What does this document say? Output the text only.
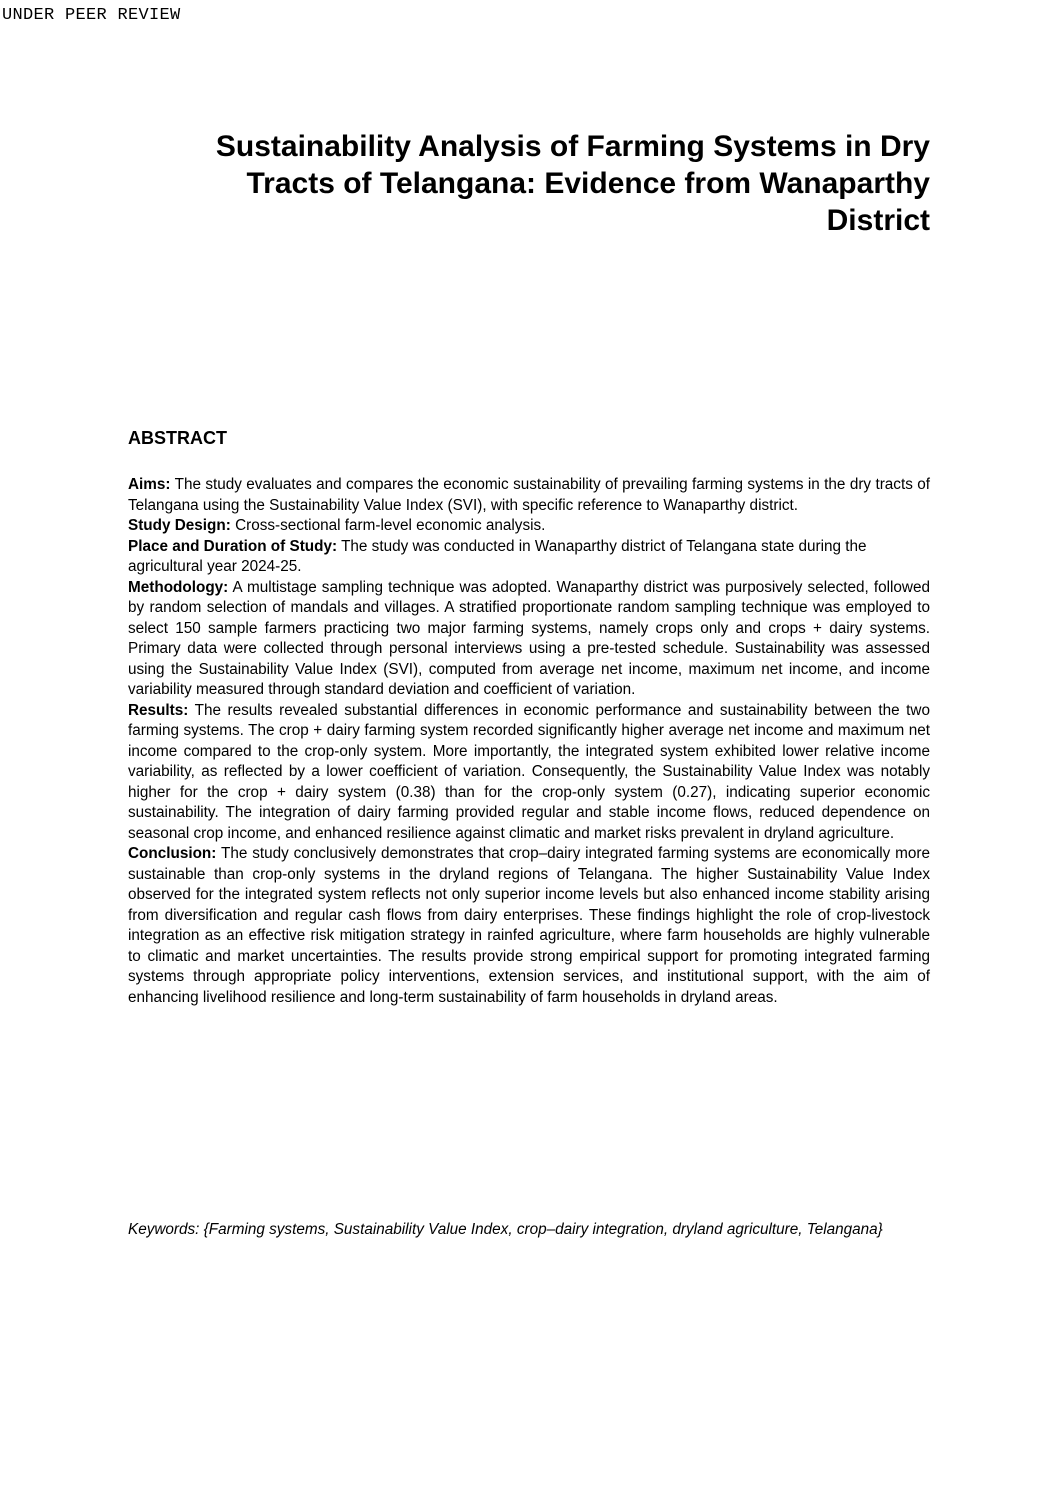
UNDER PEER REVIEW
Sustainability Analysis of Farming Systems in Dry Tracts of Telangana: Evidence from Wanaparthy District
ABSTRACT

Aims: The study evaluates and compares the economic sustainability of prevailing farming systems in the dry tracts of Telangana using the Sustainability Value Index (SVI), with specific reference to Wanaparthy district.

Study Design: Cross-sectional farm-level economic analysis.

Place and Duration of Study: The study was conducted in Wanaparthy district of Telangana state during the agricultural year 2024-25.

Methodology: A multistage sampling technique was adopted. Wanaparthy district was purposively selected, followed by random selection of mandals and villages. A stratified proportionate random sampling technique was employed to select 150 sample farmers practicing two major farming systems, namely crops only and crops + dairy systems. Primary data were collected through personal interviews using a pre-tested schedule. Sustainability was assessed using the Sustainability Value Index (SVI), computed from average net income, maximum net income, and income variability measured through standard deviation and coefficient of variation.

Results: The results revealed substantial differences in economic performance and sustainability between the two farming systems. The crop + dairy farming system recorded significantly higher average net income and maximum net income compared to the crop-only system. More importantly, the integrated system exhibited lower relative income variability, as reflected by a lower coefficient of variation. Consequently, the Sustainability Value Index was notably higher for the crop + dairy system (0.38) than for the crop-only system (0.27), indicating superior economic sustainability. The integration of dairy farming provided regular and stable income flows, reduced dependence on seasonal crop income, and enhanced resilience against climatic and market risks prevalent in dryland agriculture.

Conclusion: The study conclusively demonstrates that crop–dairy integrated farming systems are economically more sustainable than crop-only systems in the dryland regions of Telangana. The higher Sustainability Value Index observed for the integrated system reflects not only superior income levels but also enhanced income stability arising from diversification and regular cash flows from dairy enterprises. These findings highlight the role of crop-livestock integration as an effective risk mitigation strategy in rainfed agriculture, where farm households are highly vulnerable to climatic and market uncertainties. The results provide strong empirical support for promoting integrated farming systems through appropriate policy interventions, extension services, and institutional support, with the aim of enhancing livelihood resilience and long-term sustainability of farm households in dryland areas.

Keywords: {Farming systems, Sustainability Value Index, crop–dairy integration, dryland agriculture, Telangana}
